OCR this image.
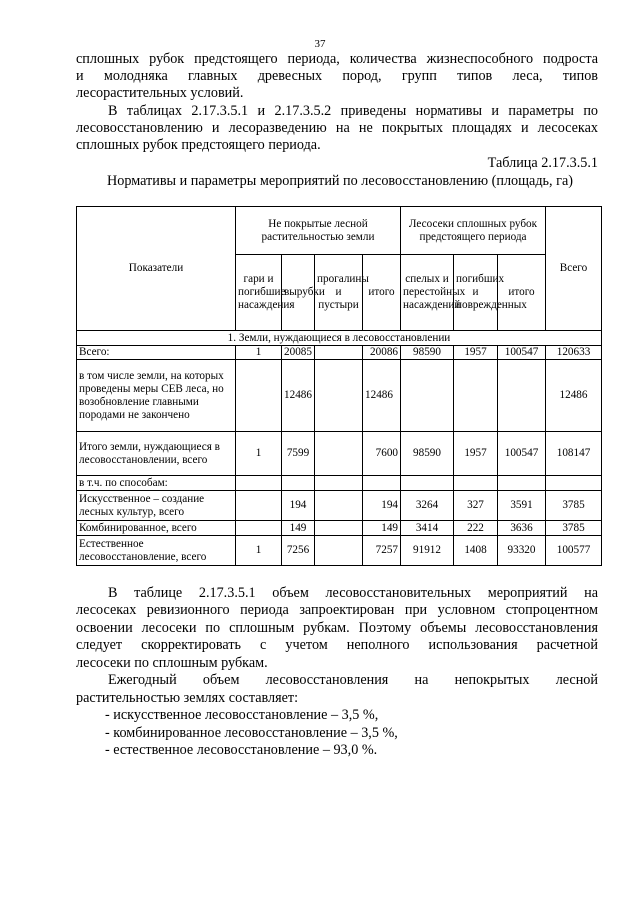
37
сплошных рубок предстоящего периода, количества жизнеспособного подроста
и молодняка главных древесных пород, групп типов леса, типов
лесорастительных условий.
В таблицах 2.17.3.5.1 и 2.17.3.5.2 приведены нормативы и параметры по
лесовосстановлению и лесоразведению на не покрытых площадях и лесосеках
сплошных рубок предстоящего периода.
Таблица 2.17.3.5.1
Нормативы и параметры мероприятий по лесовосстановлению (площадь, га)
Показатели	Не покрытые лесной растительностью земли				Лесосеки сплошных рубок предстоящего периода			Всего
	гари и погибшие насаждения	вырубки	прогалины и пустыри	итого	спелых и перестойных насаждений	погибших и поврежденных	итого	
1. Земли, нуждающиеся в лесовосстановлении								
Всего:	1	20085		20086	98590	1957	100547	120633
в том числе земли, на которых проведены меры СЕВ леса, но возобновление главными породами не закончено		12486		12486				12486
Итого земли, нуждающиеся в лесовосстановлении, всего	1	7599		7600	98590	1957	100547	108147
в т.ч. по способам:								
Искусственное – создание лесных культур, всего		194		194	3264	327	3591	3785
Комбинированное, всего		149		149	3414	222	3636	3785
Естественное лесовосстановление, всего	1	7256		7257	91912	1408	93320	100577
В таблице 2.17.3.5.1 объем лесовосстановительных мероприятий на
лесосеках ревизионного периода запроектирован при условном стопроцентном
освоении лесосеки по сплошным рубкам. Поэтому объемы лесовосстановления
следует скорректировать с учетом неполного использования расчетной
лесосеки по сплошным рубкам.
Ежегодный объем лесовосстановления на непокрытых лесной
растительностью землях составляет:
- искусственное лесовосстановление – 3,5 %,
- комбинированное лесовосстановление – 3,5 %,
- естественное лесовосстановление – 93,0 %.
